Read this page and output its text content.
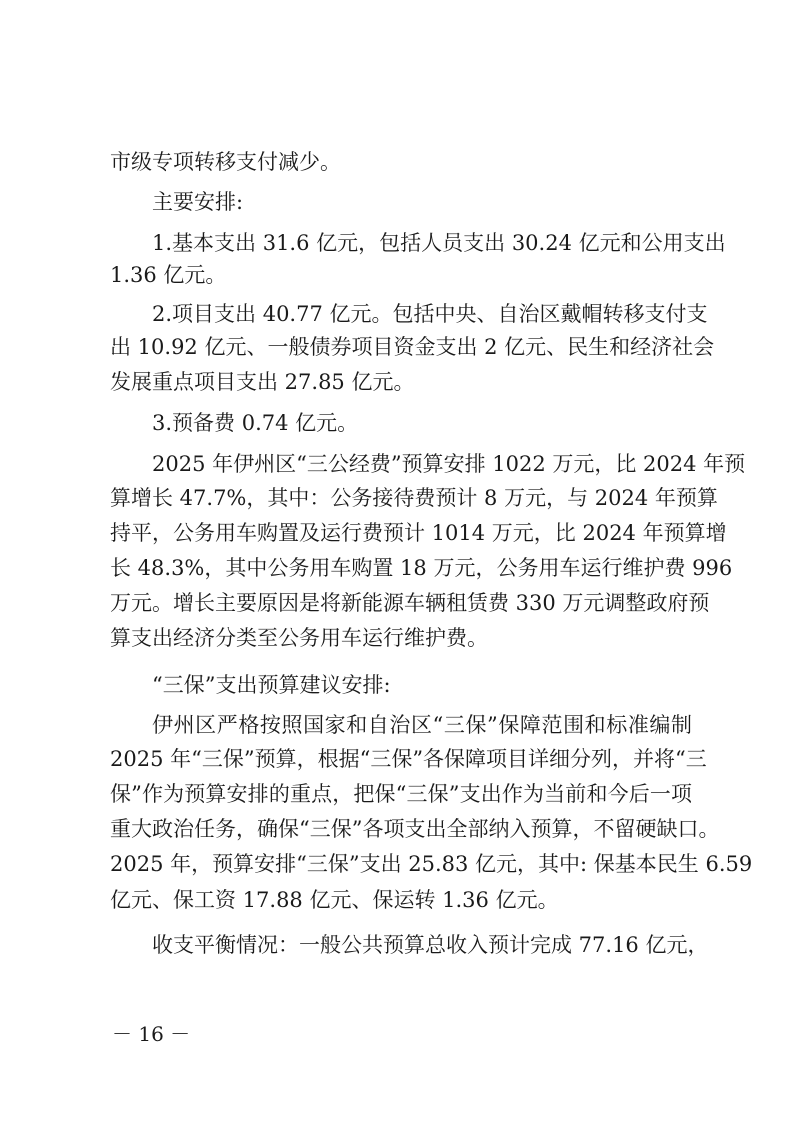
市级专项转移支付减少。
主要安排:
1.基本支出 31.6 亿元，包括人员支出 30.24 亿元和公用支出
1.36 亿元。
2.项目支出 40.77 亿元。包括中央、自治区戴帽转移支付支
出 10.92 亿元、一般债券项目资金支出 2 亿元、民生和经济社会
发展重点项目支出 27.85 亿元。
3.预备费 0.74 亿元。
2025 年伊州区“三公经费”预算安排 1022 万元，比 2024 年预
算增长 47.7%，其中：公务接待费预计 8 万元，与 2024 年预算
持平，公务用车购置及运行费预计 1014 万元，比 2024 年预算增
长 48.3%，其中公务用车购置 18 万元，公务用车运行维护费 996
万元。增长主要原因是将新能源车辆租赁费 330 万元调整政府预
算支出经济分类至公务用车运行维护费。
“三保”支出预算建议安排:
伊州区严格按照国家和自治区“三保”保障范围和标准编制
2025 年“三保”预算，根据“三保”各保障项目详细分列，并将“三
保”作为预算安排的重点，把保“三保”支出作为当前和今后一项
重大政治任务，确保“三保”各项支出全部纳入预算，不留硬缺口。
2025 年，预算安排“三保”支出 25.83 亿元，其中: 保基本民生 6.59
亿元、保工资 17.88 亿元、保运转 1.36 亿元。
收支平衡情况：一般公共预算总收入预计完成 77.16 亿元，
－ 16 －
